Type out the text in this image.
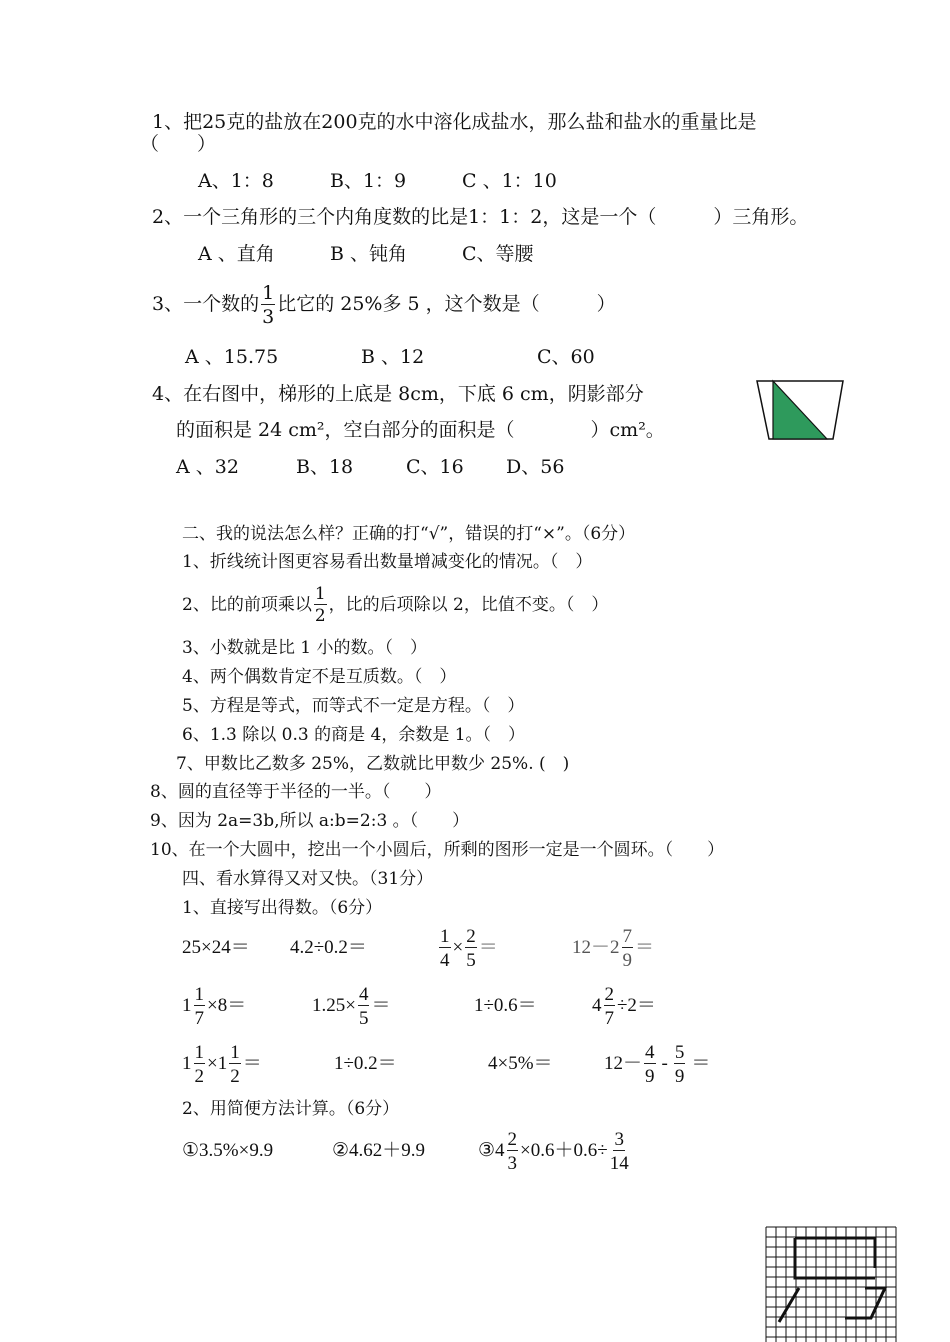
1、把25克的盐放在200克的水中溶化成盐水，那么盐和盐水的重量比是
（　　）
A、1：8	B、1：9	C 、1：10
2、一个三角形的三个内角度数的比是1：1：2，这是一个（　　　）三角形。
A 、直角	B 、钝角	C、等腰
3、一个数的 $\frac{1}{3}$ 比它的 25%多 5 ，这个数是（　　　）
A 、15.75	B 、12	C、60
4、在右图中，梯形的上底是 8cm，下底 6 cm，阴影部分
的面积是 24 cm²，空白部分的面积是（　　　　）cm²。
A 、32	B、18	C、16 D、56
二、我的说法怎么样？正确的打“√”，错误的打“×”。（6分）
1、折线统计图更容易看出数量增减变化的情况。（　）
2、比的前项乘以 $\frac{1}{2}$ ，比的后项除以 2，比值不变。（　）
3、小数就是比 1 小的数。（　）
4、两个偶数肯定不是互质数。（　）
5、方程是等式，而等式不一定是方程。（　）
6、1.3 除以 0.3 的商是 4，余数是 1。（　）
7、甲数比乙数多 25%，乙数就比甲数少 25%. (　)
8、圆的直径等于半径的一半。（　　）
9、因为 2a=3b,所以 a:b=2:3 。（　　）
10、在一个大圆中，挖出一个小圆后，所剩的图形一定是一个圆环。（　　）
四、看水算得又对又快。（31分）
1、直接写出得数。（6分）
25×24＝ 4.2÷0.2＝	$\frac{1}{4} \times \frac{2}{5}$ ＝	$12-2 \frac{7}{9}$ ＝
$1 \frac{1}{7} \times 8=$	$1.25\times \frac{4}{5}$ ＝	1÷0.6＝	$4 \frac{2}{7} \div 2=$
$1 \frac{1}{2} \times 1 \frac{1}{2}$ ＝	1÷0.2＝	4×5%＝	$12- \frac{4}{9} - \frac{5}{9}$ ＝
2、用简便方法计算。（6分）
①3.5%×9.9	②4.62＋9.9	③4 $\frac{2}{3} \times 0.6+0.6\div \frac{3}{14}$
